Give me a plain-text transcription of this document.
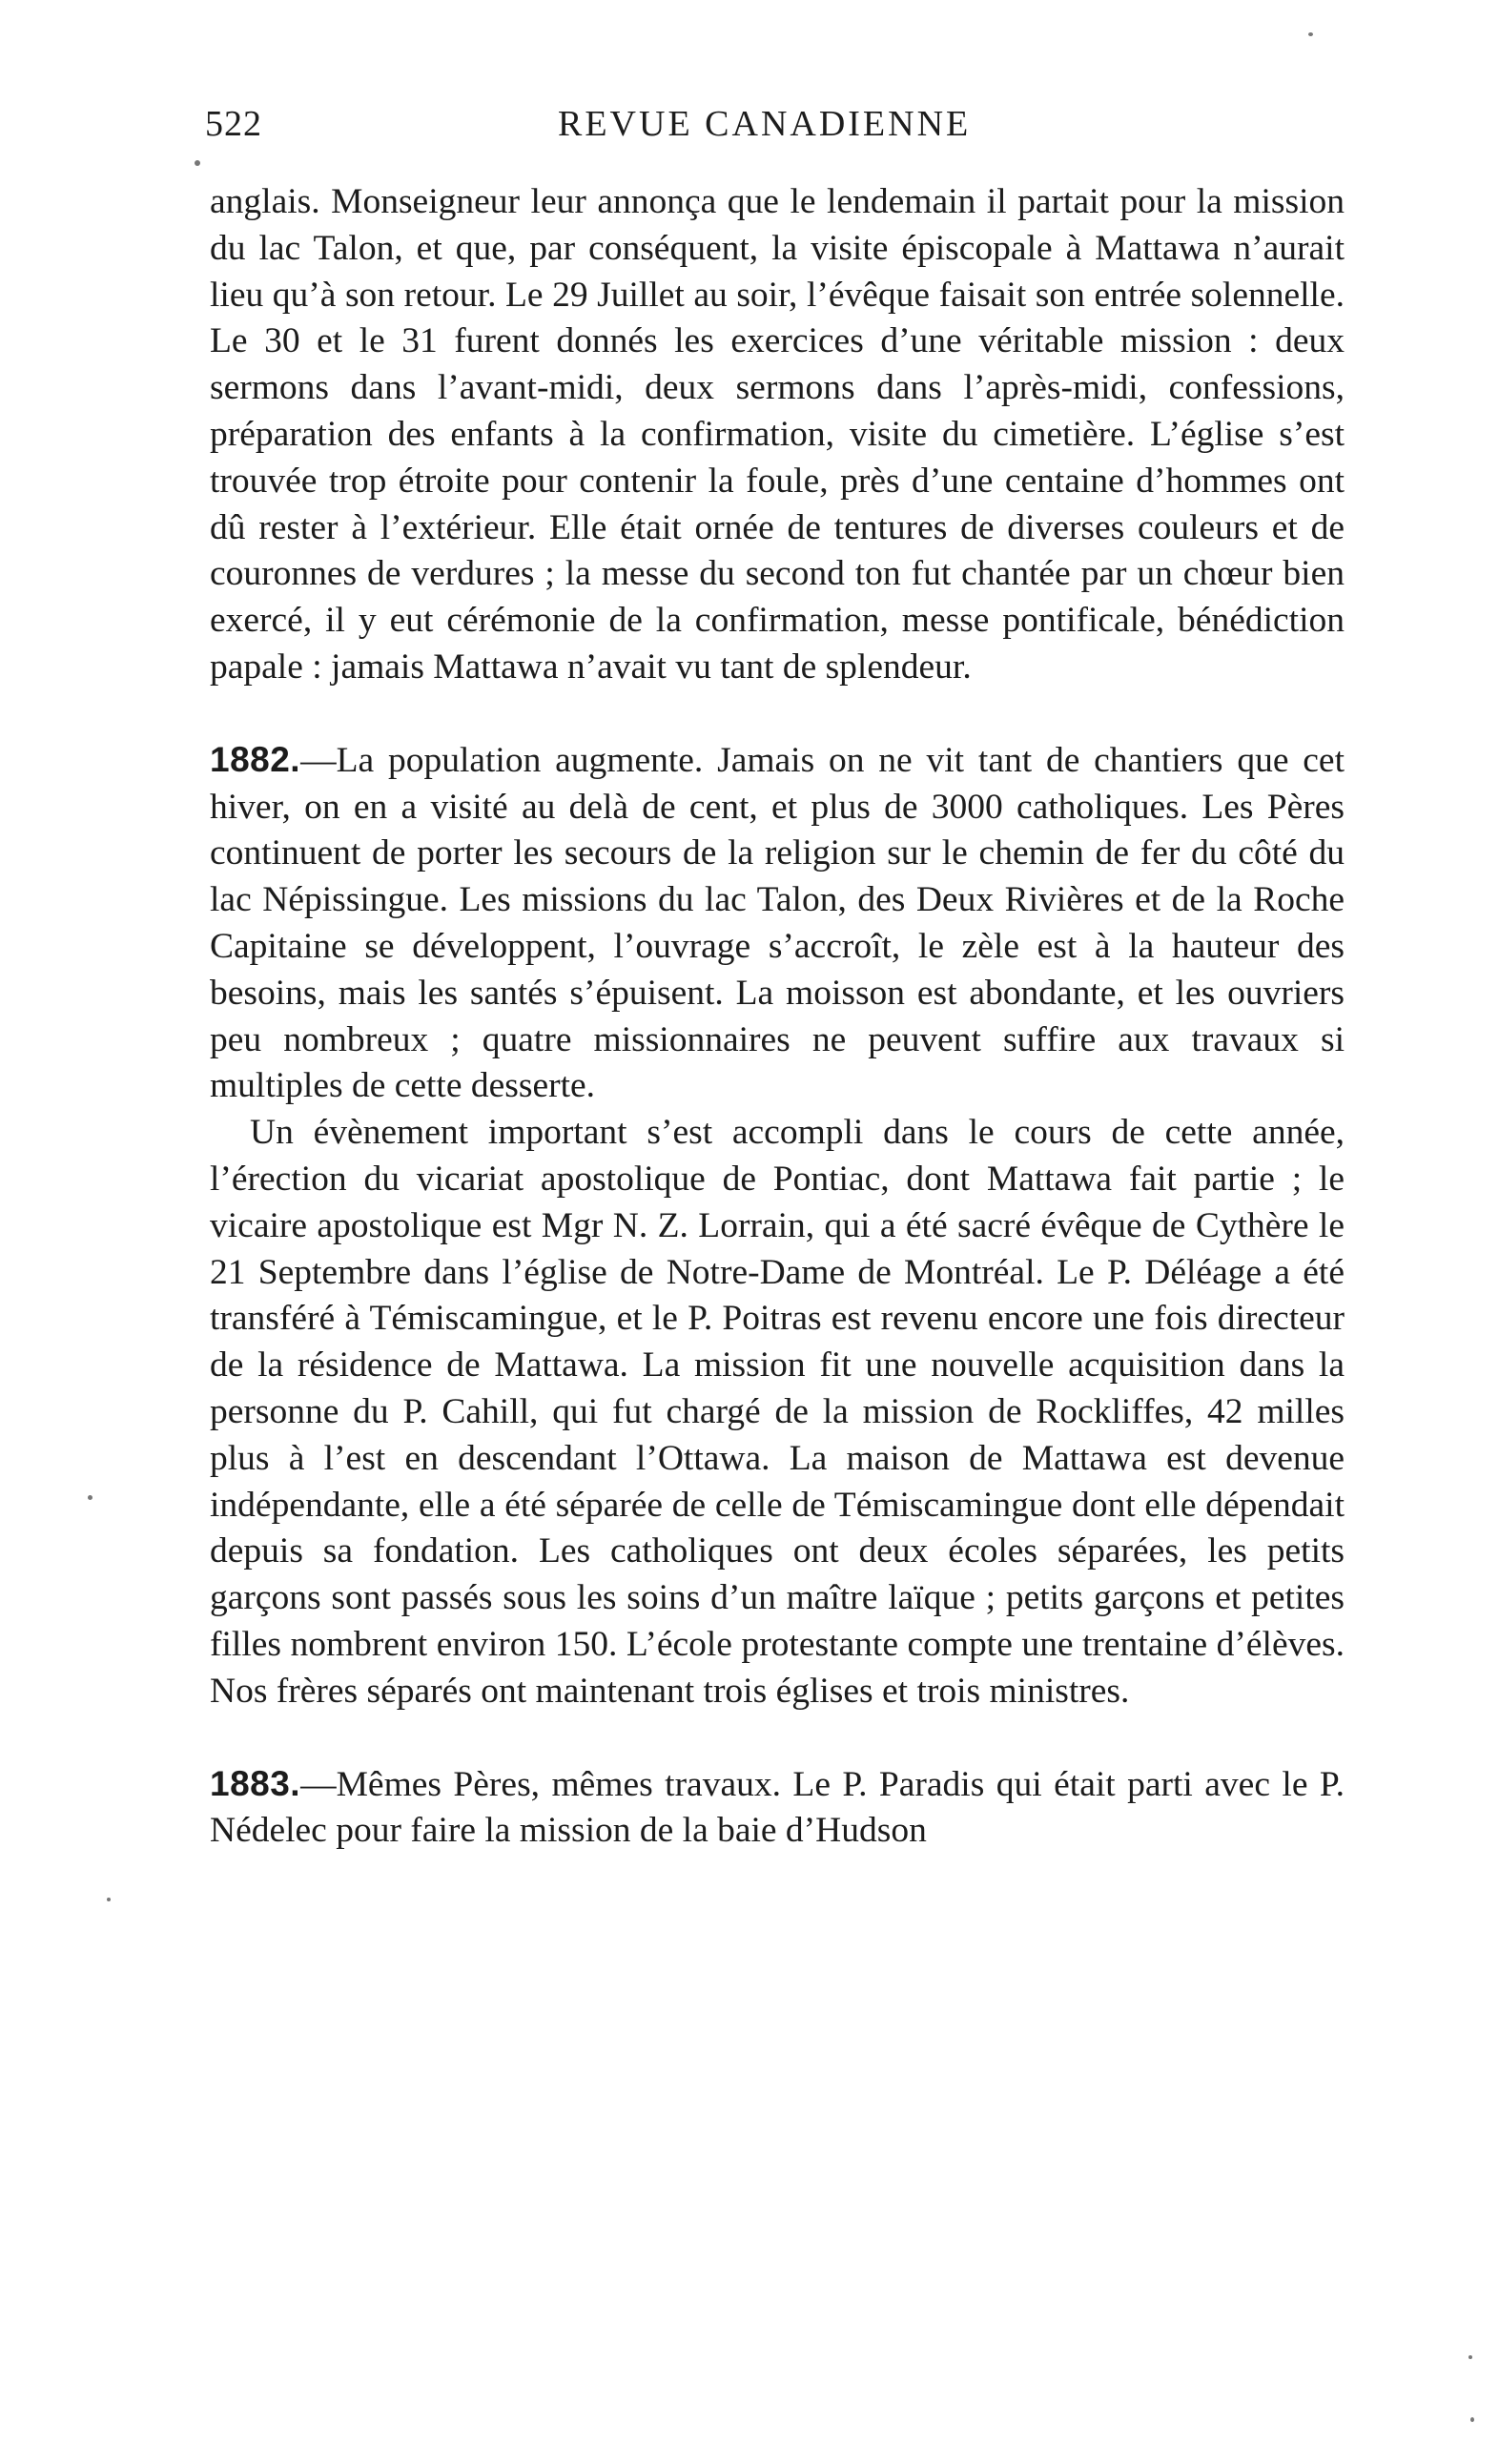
522	REVUE CANADIENNE

anglais. Monseigneur leur annonça que le lendemain il partait pour la mission du lac Talon, et que, par conséquent, la visite épiscopale à Mattawa n’aurait lieu qu’à son retour. Le 29 Juillet au soir, l’évêque faisait son entrée solennelle. Le 30 et le 31 furent donnés les exercices d’une véritable mission : deux sermons dans l’avant-midi, deux sermons dans l’après-midi, confessions, préparation des enfants à la confirmation, visite du cimetière. L’église s’est trouvée trop étroite pour contenir la foule, près d’une centaine d’hommes ont dû rester à l’extérieur. Elle était ornée de tentures de diverses couleurs et de couronnes de verdures ; la messe du second ton fut chantée par un chœur bien exercé, il y eut cérémonie de la confirmation, messe pontificale, bénédiction papale : jamais Mattawa n’avait vu tant de splendeur.

1882.—La population augmente. Jamais on ne vit tant de chantiers que cet hiver, on en a visité au delà de cent, et plus de 3000 catholiques. Les Pères continuent de porter les secours de la religion sur le chemin de fer du côté du lac Népissingue. Les missions du lac Talon, des Deux Rivières et de la Roche Capitaine se développent, l’ouvrage s’accroît, le zèle est à la hauteur des besoins, mais les santés s’épuisent. La moisson est abondante, et les ouvriers peu nombreux ; quatre missionnaires ne peuvent suffire aux travaux si multiples de cette desserte.

Un évènement important s’est accompli dans le cours de cette année, l’érection du vicariat apostolique de Pontiac, dont Mattawa fait partie ; le vicaire apostolique est Mgr N. Z. Lorrain, qui a été sacré évêque de Cythère le 21 Septembre dans l’église de Notre-Dame de Montréal. Le P. Déléage a été transféré à Témiscamingue, et le P. Poitras est revenu encore une fois directeur de la résidence de Mattawa. La mission fit une nouvelle acquisition dans la personne du P. Cahill, qui fut chargé de la mission de Rockliffes, 42 milles plus à l’est en descendant l’Ottawa. La maison de Mattawa est devenue indépendante, elle a été séparée de celle de Témiscamingue dont elle dépendait depuis sa fondation. Les catholiques ont deux écoles séparées, les petits garçons sont passés sous les soins d’un maître laïque ; petits garçons et petites filles nombrent environ 150. L’école protestante compte une trentaine d’élèves. Nos frères séparés ont maintenant trois églises et trois ministres.

1883.—Mêmes Pères, mêmes travaux. Le P. Paradis qui était parti avec le P. Nédelec pour faire la mission de la baie d’Hudson
